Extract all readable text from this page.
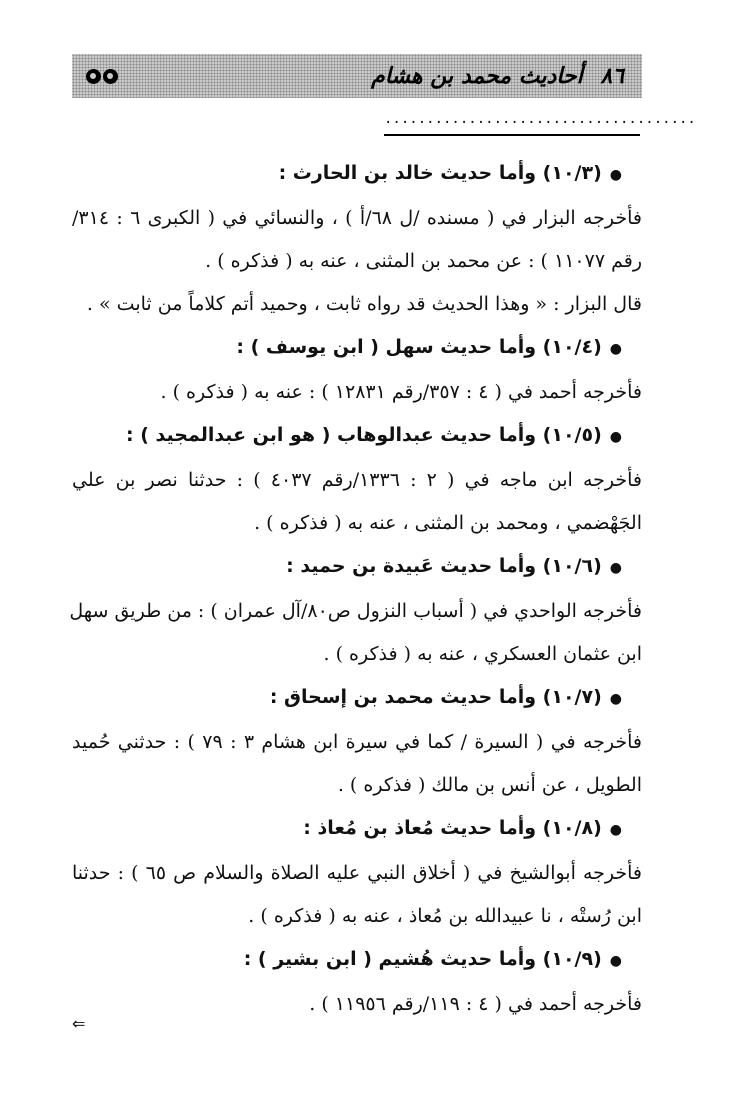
٨٦ أحاديث محمد بن هشام
.....................................
●(١٠/٣) وأما حديث خالد بن الحارث :
فأخرجه البزار في ( مسنده /ل ٦٨/أ ) ، والنسائي في ( الكبرى ٦ : ٣١٤/
رقم ١١٠٧٧ ) : عن محمد بن المثنى ، عنه به ( فذكره ) .
قال البزار : « وهذا الحديث قد رواه ثابت ، وحميد أتم كلاماً من ثابت » .
●(١٠/٤) وأما حديث سهل ( ابن يوسف ) :
فأخرجه أحمد في ( ٤ : ٣٥٧/رقم ١٢٨٣١ ) : عنه به ( فذكره ) .
●(١٠/٥) وأما حديث عبدالوهاب ( هو ابن عبدالمجيد ) :
فأخرجه ابن ماجه في ( ٢ : ١٣٣٦/رقم ٤٠٣٧ ) : حدثنا نصر بن علي
الجَهْضمي ، ومحمد بن المثنى ، عنه به ( فذكره ) .
●(١٠/٦) وأما حديث عَبيدة بن حميد :
فأخرجه الواحدي في ( أسباب النزول ص٨٠/آل عمران ) : من طريق سهل
ابن عثمان العسكري ، عنه به ( فذكره ) .
●(١٠/٧) وأما حديث محمد بن إسحاق :
فأخرجه في ( السيرة / كما في سيرة ابن هشام ٣ : ٧٩ ) : حدثني حُميد
الطويل ، عن أنس بن مالك ( فذكره ) .
●(١٠/٨) وأما حديث مُعاذ بن مُعاذ :
فأخرجه أبوالشيخ في ( أخلاق النبي عليه الصلاة والسلام ص ٦٥ ) : حدثنا
ابن رُستْه ، نا عبيدالله بن مُعاذ ، عنه به ( فذكره ) .
●(١٠/٩) وأما حديث هُشيم ( ابن بشير ) :
فأخرجه أحمد في ( ٤ : ١١٩/رقم ١١٩٥٦ ) .
⇐
